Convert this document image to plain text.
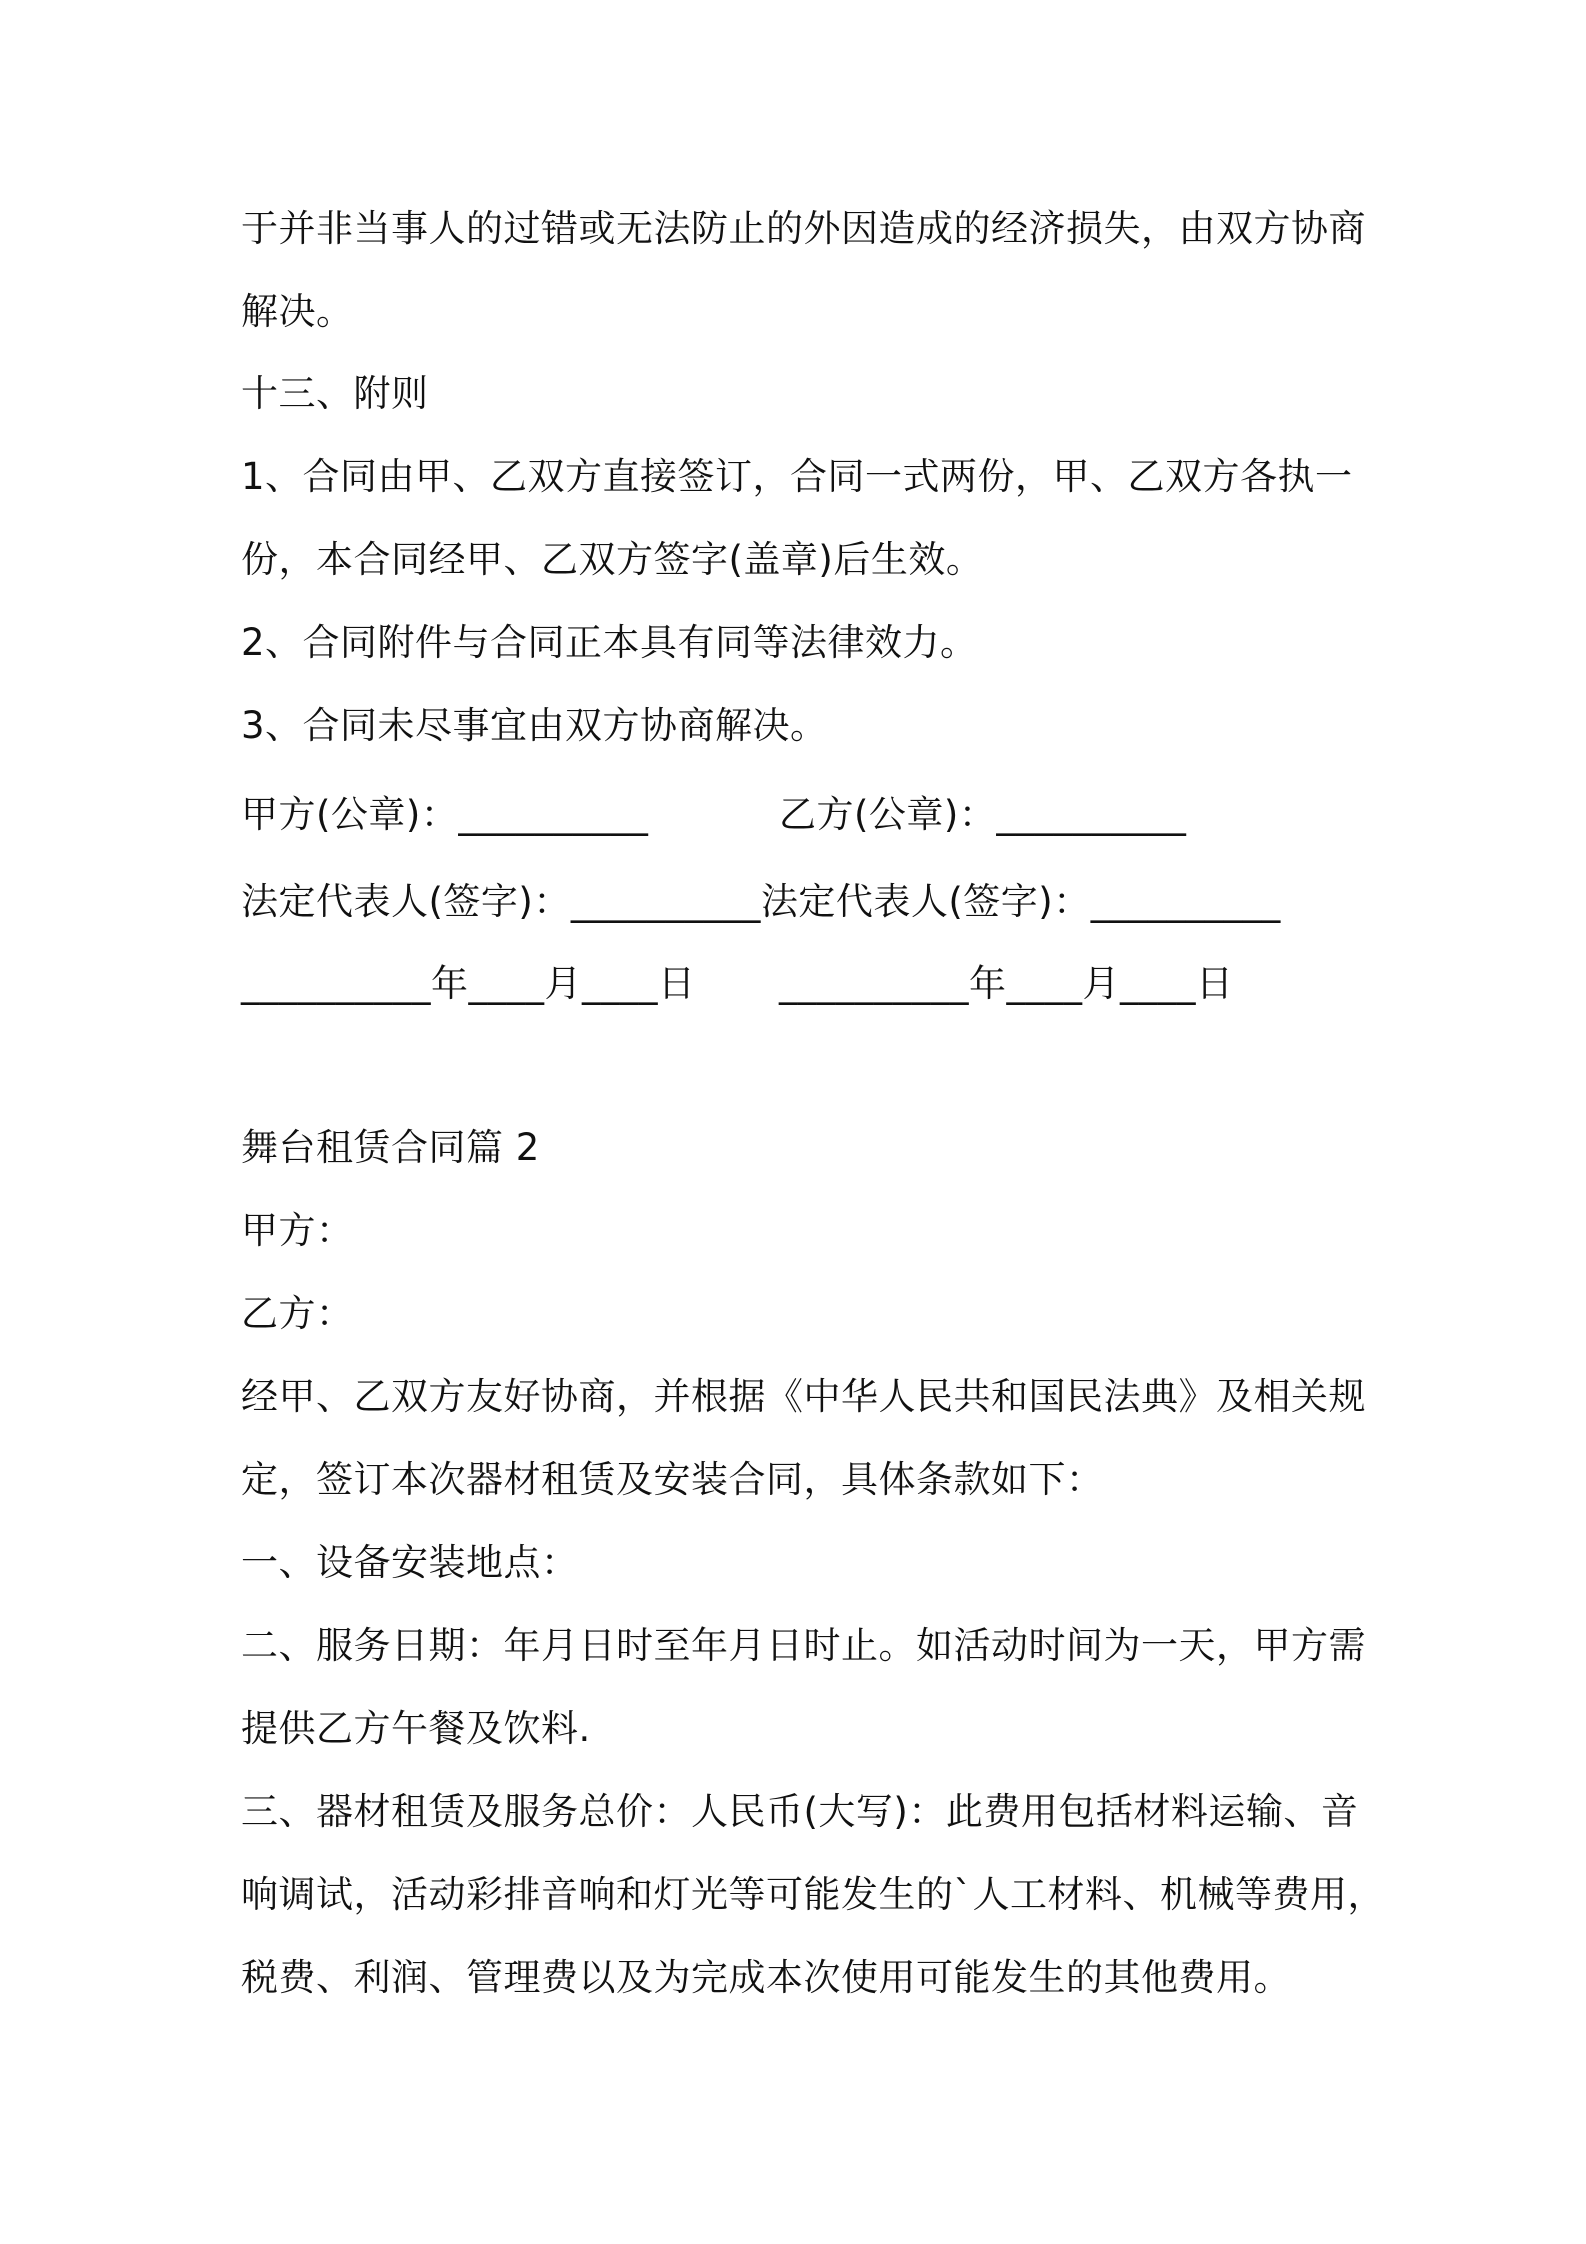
于并非当事人的过错或无法防止的外因造成的经济损失，由双方协商

解决。

十三、附则

1、合同由甲、乙双方直接签订，合同一式两份，甲、乙双方各执一

份，本合同经甲、乙双方签字(盖章)后生效。

2、合同附件与合同正本具有同等法律效力。

3、合同未尽事宜由双方协商解决。

甲方(公章)：__________	乙方(公章)：__________

法定代表人(签字)：__________法定代表人(签字)：__________

__________年____月____日 __________年____月____日

舞台租赁合同篇 2

甲方：

乙方：

经甲、乙双方友好协商，并根据《中华人民共和国民法典》及相关规

定，签订本次器材租赁及安装合同，具体条款如下：

一、设备安装地点：

二、服务日期：年月日时至年月日时止。如活动时间为一天，甲方需

提供乙方午餐及饮料.

三、器材租赁及服务总价：人民币(大写)：此费用包括材料运输、音

响调试，活动彩排音响和灯光等可能发生的`人工材料、机械等费用，

税费、利润、管理费以及为完成本次使用可能发生的其他费用。
